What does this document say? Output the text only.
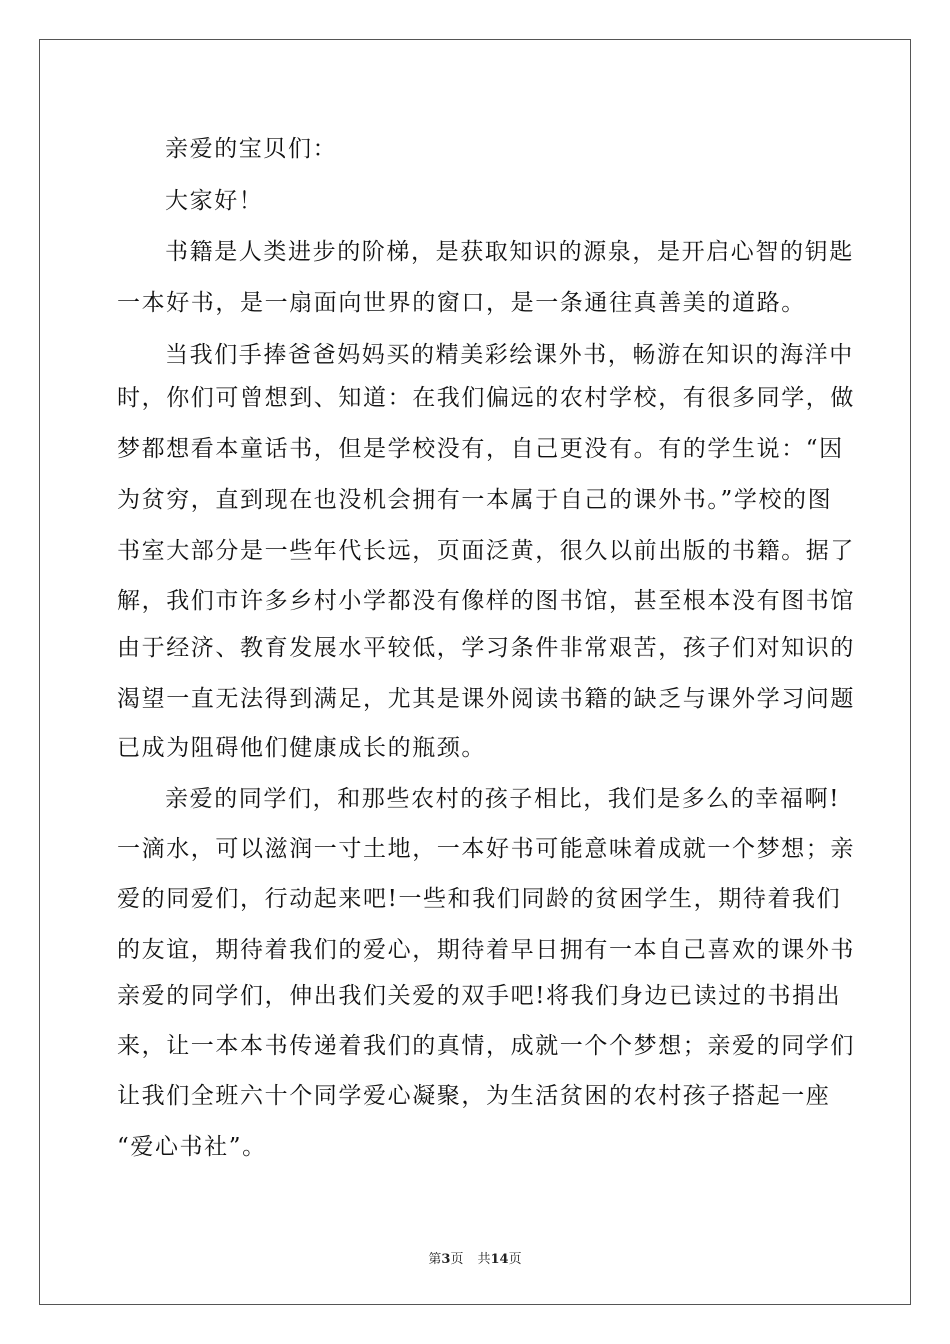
亲爱的宝贝们：
大家好！
书籍是人类进步的阶梯，是获取知识的源泉，是开启心智的钥匙
一本好书，是一扇面向世界的窗口，是一条通往真善美的道路。
当我们手捧爸爸妈妈买的精美彩绘课外书，畅游在知识的海洋中
时，你们可曾想到、知道：在我们偏远的农村学校，有很多同学，做
梦都想看本童话书，但是学校没有，自己更没有。有的学生说：“因
为贫穷，直到现在也没机会拥有一本属于自己的课外书。”学校的图
书室大部分是一些年代长远，页面泛黄，很久以前出版的书籍。据了
解，我们市许多乡村小学都没有像样的图书馆，甚至根本没有图书馆
由于经济、教育发展水平较低，学习条件非常艰苦，孩子们对知识的
渴望一直无法得到满足，尤其是课外阅读书籍的缺乏与课外学习问题
已成为阻碍他们健康成长的瓶颈。
亲爱的同学们，和那些农村的孩子相比，我们是多么的幸福啊!
一滴水，可以滋润一寸土地，一本好书可能意味着成就一个梦想；亲
爱的同爱们，行动起来吧!一些和我们同龄的贫困学生，期待着我们
的友谊，期待着我们的爱心，期待着早日拥有一本自己喜欢的课外书
亲爱的同学们，伸出我们关爱的双手吧!将我们身边已读过的书捐出
来，让一本本书传递着我们的真情，成就一个个梦想；亲爱的同学们
让我们全班六十个同学爱心凝聚，为生活贫困的农村孩子搭起一座
“爱心书社”。
第3页 共14页
